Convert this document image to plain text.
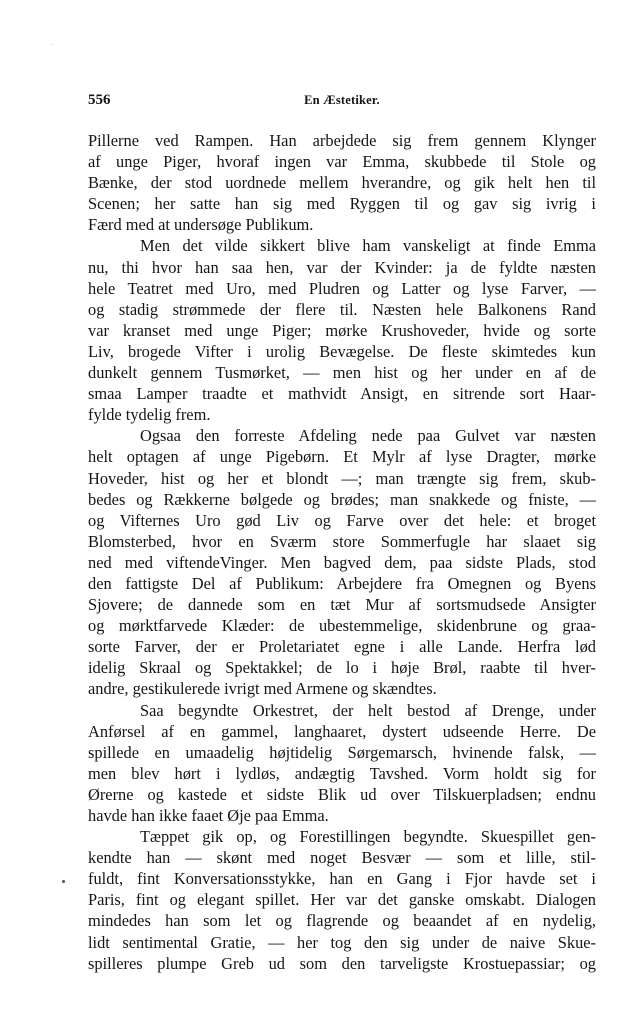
556	En Æstetiker.
Pillerne ved Rampen. Han arbejdede sig frem gennem Klynger
af unge Piger, hvoraf ingen var Emma, skubbede til Stole og
Bænke, der stod uordnede mellem hverandre, og gik helt hen til
Scenen; her satte han sig med Ryggen til og gav sig ivrig i
Færd med at undersøge Publikum.
Men det vilde sikkert blive ham vanskeligt at finde Emma
nu, thi hvor han saa hen, var der Kvinder: ja de fyldte næsten
hele Teatret med Uro, med Pludren og Latter og lyse Farver, —
og stadig strømmede der flere til. Næsten hele Balkonens Rand
var kranset med unge Piger; mørke Krushoveder, hvide og sorte
Liv, brogede Vifter i urolig Bevægelse. De fleste skimtedes kun
dunkelt gennem Tusmørket, — men hist og her under en af de
smaa Lamper traadte et mathvidt Ansigt, en sitrende sort Haar-
fylde tydelig frem.
Ogsaa den forreste Afdeling nede paa Gulvet var næsten
helt optagen af unge Pigebørn. Et Mylr af lyse Dragter, mørke
Hoveder, hist og her et blondt —; man trængte sig frem, skub-
bedes og Rækkerne bølgede og brødes; man snakkede og fniste, —
og Vifternes Uro gød Liv og Farve over det hele: et broget
Blomsterbed, hvor en Sværm store Sommerfugle har slaaet sig
ned med viftendeVinger. Men bagved dem, paa sidste Plads, stod
den fattigste Del af Publikum: Arbejdere fra Omegnen og Byens
Sjovere; de dannede som en tæt Mur af sortsmudsede Ansigter
og mørktfarvede Klæder: de ubestemmelige, skidenbrune og graa-
sorte Farver, der er Proletariatet egne i alle Lande. Herfra lød
idelig Skraal og Spektakkel; de lo i høje Brøl, raabte til hver-
andre, gestikulerede ivrigt med Armene og skændtes.
Saa begyndte Orkestret, der helt bestod af Drenge, under
Anførsel af en gammel, langhaaret, dystert udseende Herre. De
spillede en umaadelig højtidelig Sørgemarsch, hvinende falsk, —
men blev hørt i lydløs, andægtig Tavshed. Vorm holdt sig for
Ørerne og kastede et sidste Blik ud over Tilskuerpladsen; endnu
havde han ikke faaet Øje paa Emma.
Tæppet gik op, og Forestillingen begyndte. Skuespillet gen-
kendte han — skønt med noget Besvær — som et lille, stil-
fuldt, fint Konversationsstykke, han en Gang i Fjor havde set i
Paris, fint og elegant spillet. Her var det ganske omskabt. Dialogen
mindedes han som let og flagrende og beaandet af en nydelig,
lidt sentimental Gratie, — her tog den sig under de naive Skue-
spilleres plumpe Greb ud som den tarveligste Krostuepassiar; og
